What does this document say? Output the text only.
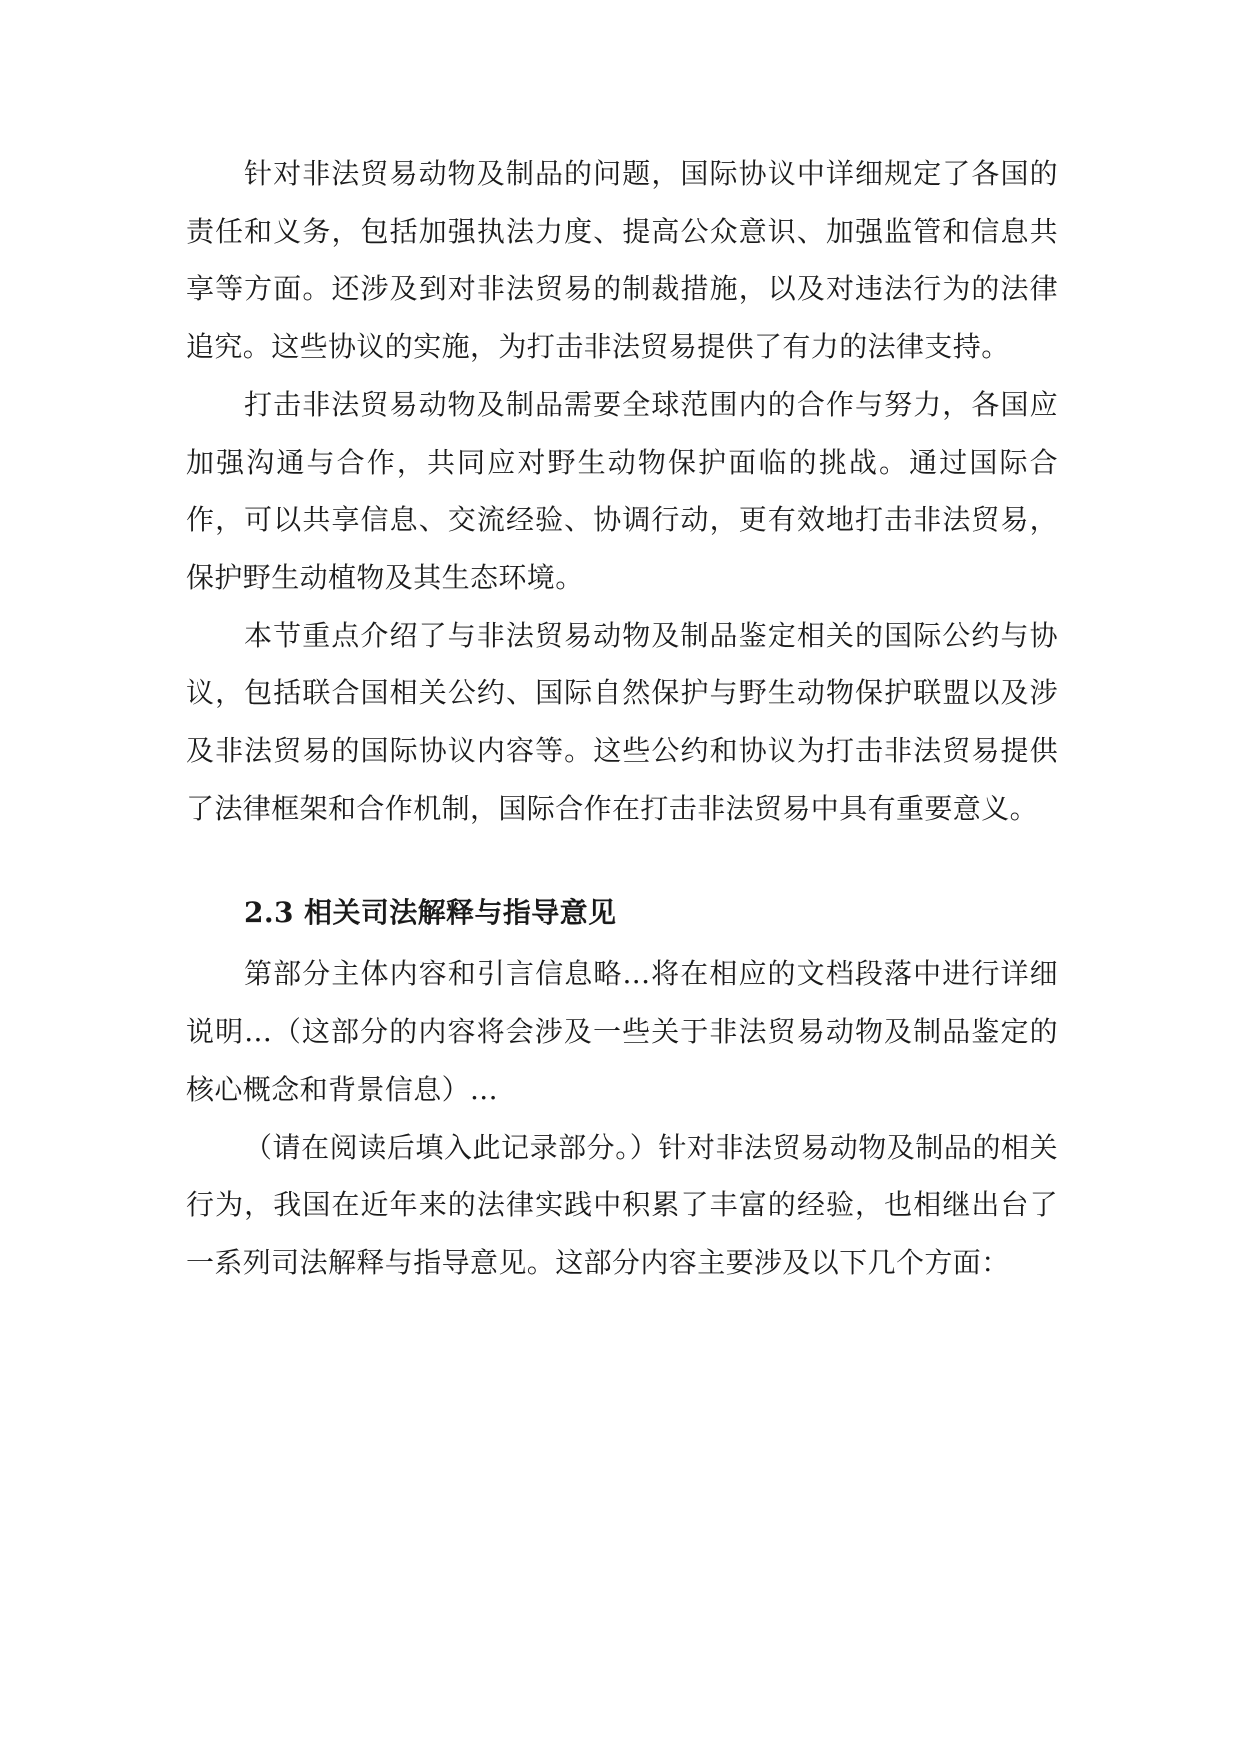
针对非法贸易动物及制品的问题，国际协议中详细规定了各国的责任和义务，包括加强执法力度、提高公众意识、加强监管和信息共享等方面。还涉及到对非法贸易的制裁措施，以及对违法行为的法律追究。这些协议的实施，为打击非法贸易提供了有力的法律支持。

打击非法贸易动物及制品需要全球范围内的合作与努力，各国应加强沟通与合作，共同应对野生动物保护面临的挑战。通过国际合作，可以共享信息、交流经验、协调行动，更有效地打击非法贸易，保护野生动植物及其生态环境。

本节重点介绍了与非法贸易动物及制品鉴定相关的国际公约与协议，包括联合国相关公约、国际自然保护与野生动物保护联盟以及涉及非法贸易的国际协议内容等。这些公约和协议为打击非法贸易提供了法律框架和合作机制，国际合作在打击非法贸易中具有重要意义。

2.3 相关司法解释与指导意见

第部分主体内容和引言信息略...将在相应的文档段落中进行详细说明...（这部分的内容将会涉及一些关于非法贸易动物及制品鉴定的核心概念和背景信息）...

（请在阅读后填入此记录部分。）针对非法贸易动物及制品的相关行为，我国在近年来的法律实践中积累了丰富的经验，也相继出台了一系列司法解释与指导意见。这部分内容主要涉及以下几个方面：
